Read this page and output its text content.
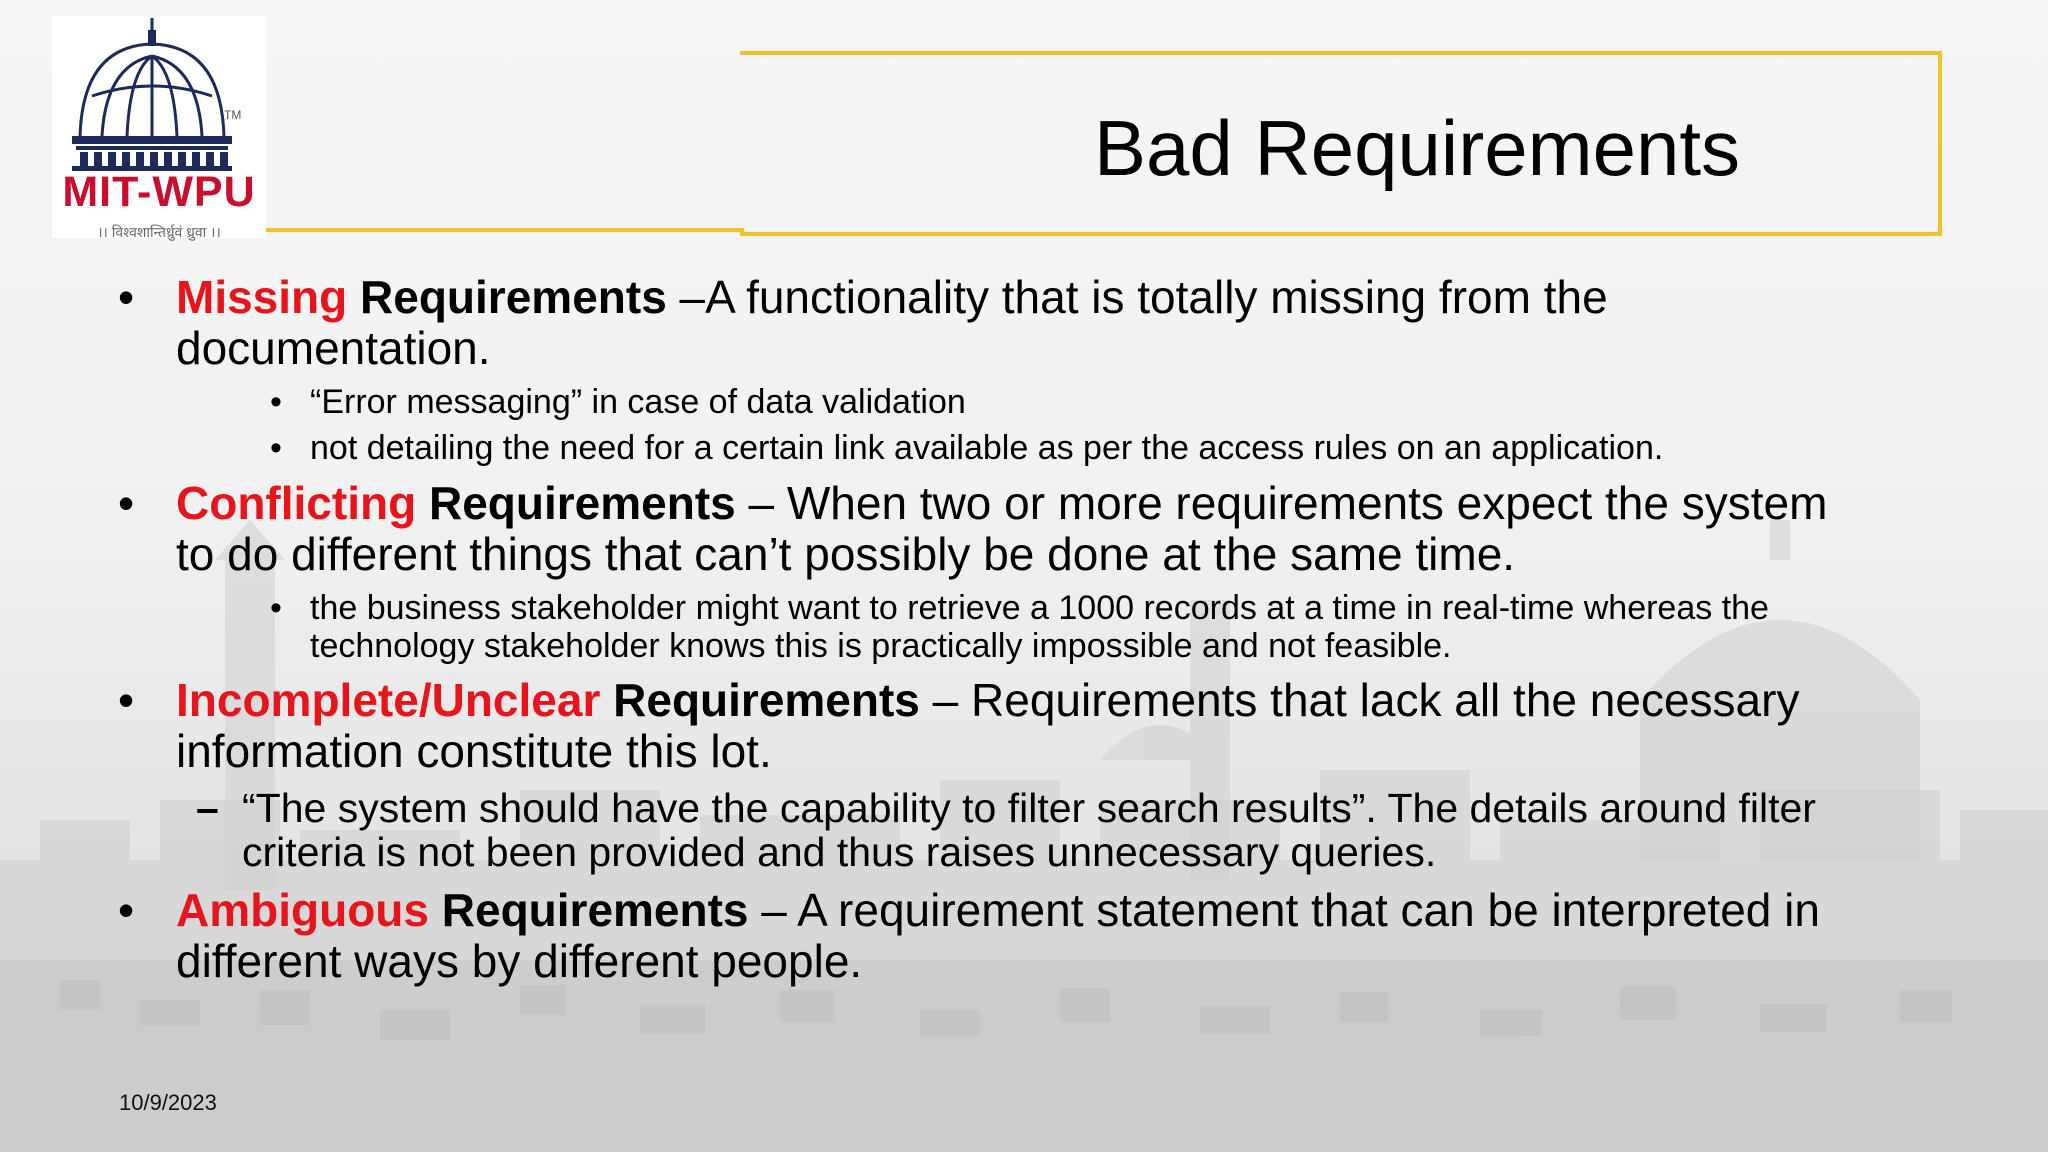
TM
MIT-WPU
।। विश्वशान्तिर्ध्रुवं ध्रुवा ।।
Bad Requirements
• Missing Requirements –A functionality that is totally missing from the
documentation.
• “Error messaging” in case of data validation
• not detailing the need for a certain link available as per the access rules on an application.
• Conflicting Requirements – When two or more requirements expect the system
to do different things that can’t possibly be done at the same time.
• the business stakeholder might want to retrieve a 1000 records at a time in real-time whereas the
technology stakeholder knows this is practically impossible and not feasible.
• Incomplete/Unclear Requirements – Requirements that lack all the necessary
information constitute this lot.
– “The system should have the capability to filter search results”. The details around filter
criteria is not been provided and thus raises unnecessary queries.
• Ambiguous Requirements – A requirement statement that can be interpreted in
different ways by different people.
10/9/2023
